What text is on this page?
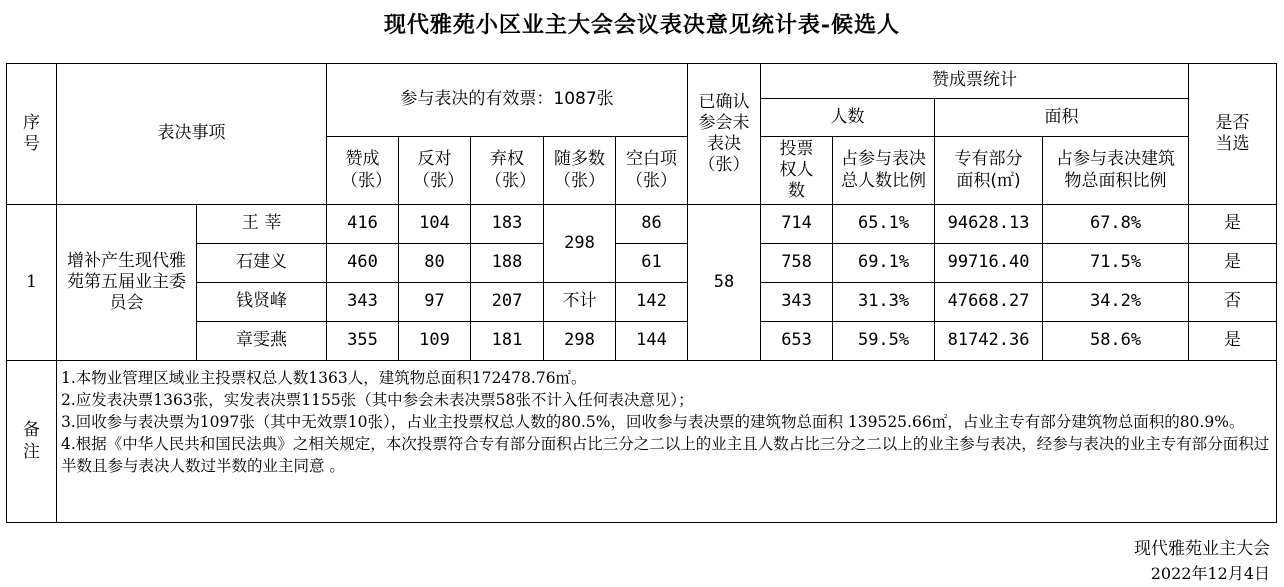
现代雅苑小区业主大会会议表决意见统计表-候选人
序号	表决事项		参与表决的有效票：1087张					已确认参会未表决（张）	赞成票统计				是否当选
									人数		面积		
			赞成（张）	反对（张）	弃权（张）	随多数（张）	空白项（张）		投票权人数	占参与表决总人数比例	专有部分面积(㎡)	占参与表决建筑物总面积比例	
1	增补产生现代雅苑第五届业主委员会	王 莘	416	104	183	298	86	58	714	65.1%	94628.13	67.8%	是
		石建义	460	80	188		61		758	69.1%	99716.40	71.5%	是
		钱贤峰	343	97	207	不计	142		343	31.3%	47668.27	34.2%	否
		章雯燕	355	109	181	298	144		653	59.5%	81742.36	58.6%	是
备注	1.本物业管理区域业主投票权总人数1363人，建筑物总面积172478.76㎡。
2.应发表决票1363张，实发表决票1155张（其中参会未表决票58张不计入任何表决意见）；
3.回收参与表决票为1097张（其中无效票10张），占业主投票权总人数的80.5%，回收参与表决票的建筑物总面积 139525.66㎡，占业主专有部分建筑物总面积的80.9%。
4.根据《中华人民共和国民法典》之相关规定，本次投票符合专有部分面积占比三分之二以上的业主且人数占比三分之二以上的业主参与表决，经参与表决的业主专有部分面积过半数且参与表决人数过半数的业主同意 。												
现代雅苑业主大会
2022年12月4日
